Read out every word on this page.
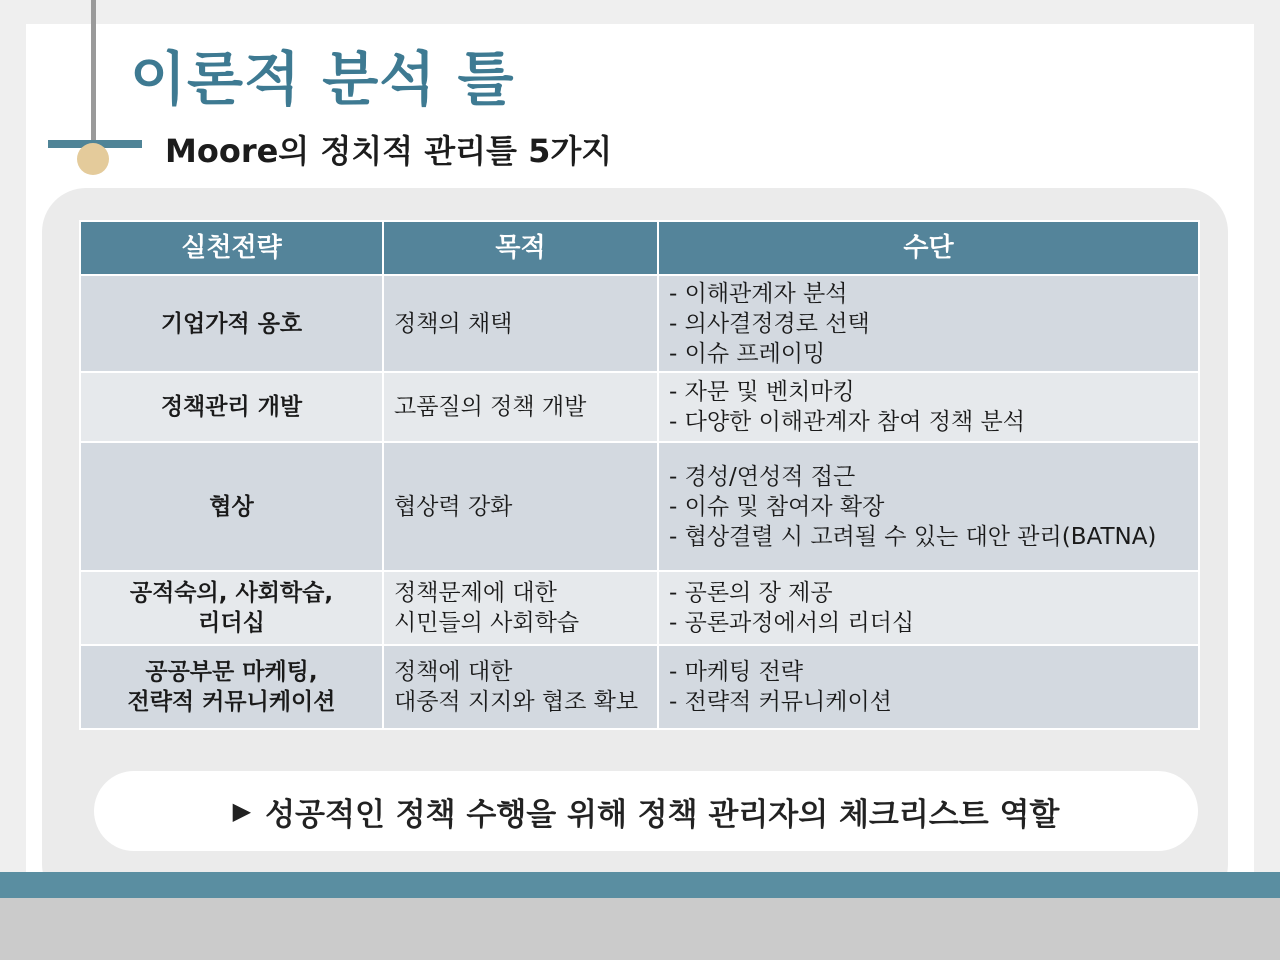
이론적 분석 틀
Moore의 정치적 관리틀 5가지
실천전략	목적	수단

기업가적 옹호	정책의 채택	- 이해관계자 분석
- 의사결정경로 선택
- 이슈 프레이밍

정책관리 개발	고품질의 정책 개발	- 자문 및 벤치마킹
- 다양한 이해관계자 참여 정책 분석

협상	협상력 강화	- 경성/연성적 접근
- 이슈 및 참여자 확장
- 협상결렬 시 고려될 수 있는 대안 관리(BATNA)

공적숙의, 사회학습,
리더십	정책문제에 대한
시민들의 사회학습	- 공론의 장 제공
- 공론과정에서의 리더십

공공부문 마케팅,
전략적 커뮤니케이션	정책에 대한
대중적 지지와 협조 확보	- 마케팅 전략
- 전략적 커뮤니케이션
▶ 성공적인 정책 수행을 위해 정책 관리자의 체크리스트 역할
